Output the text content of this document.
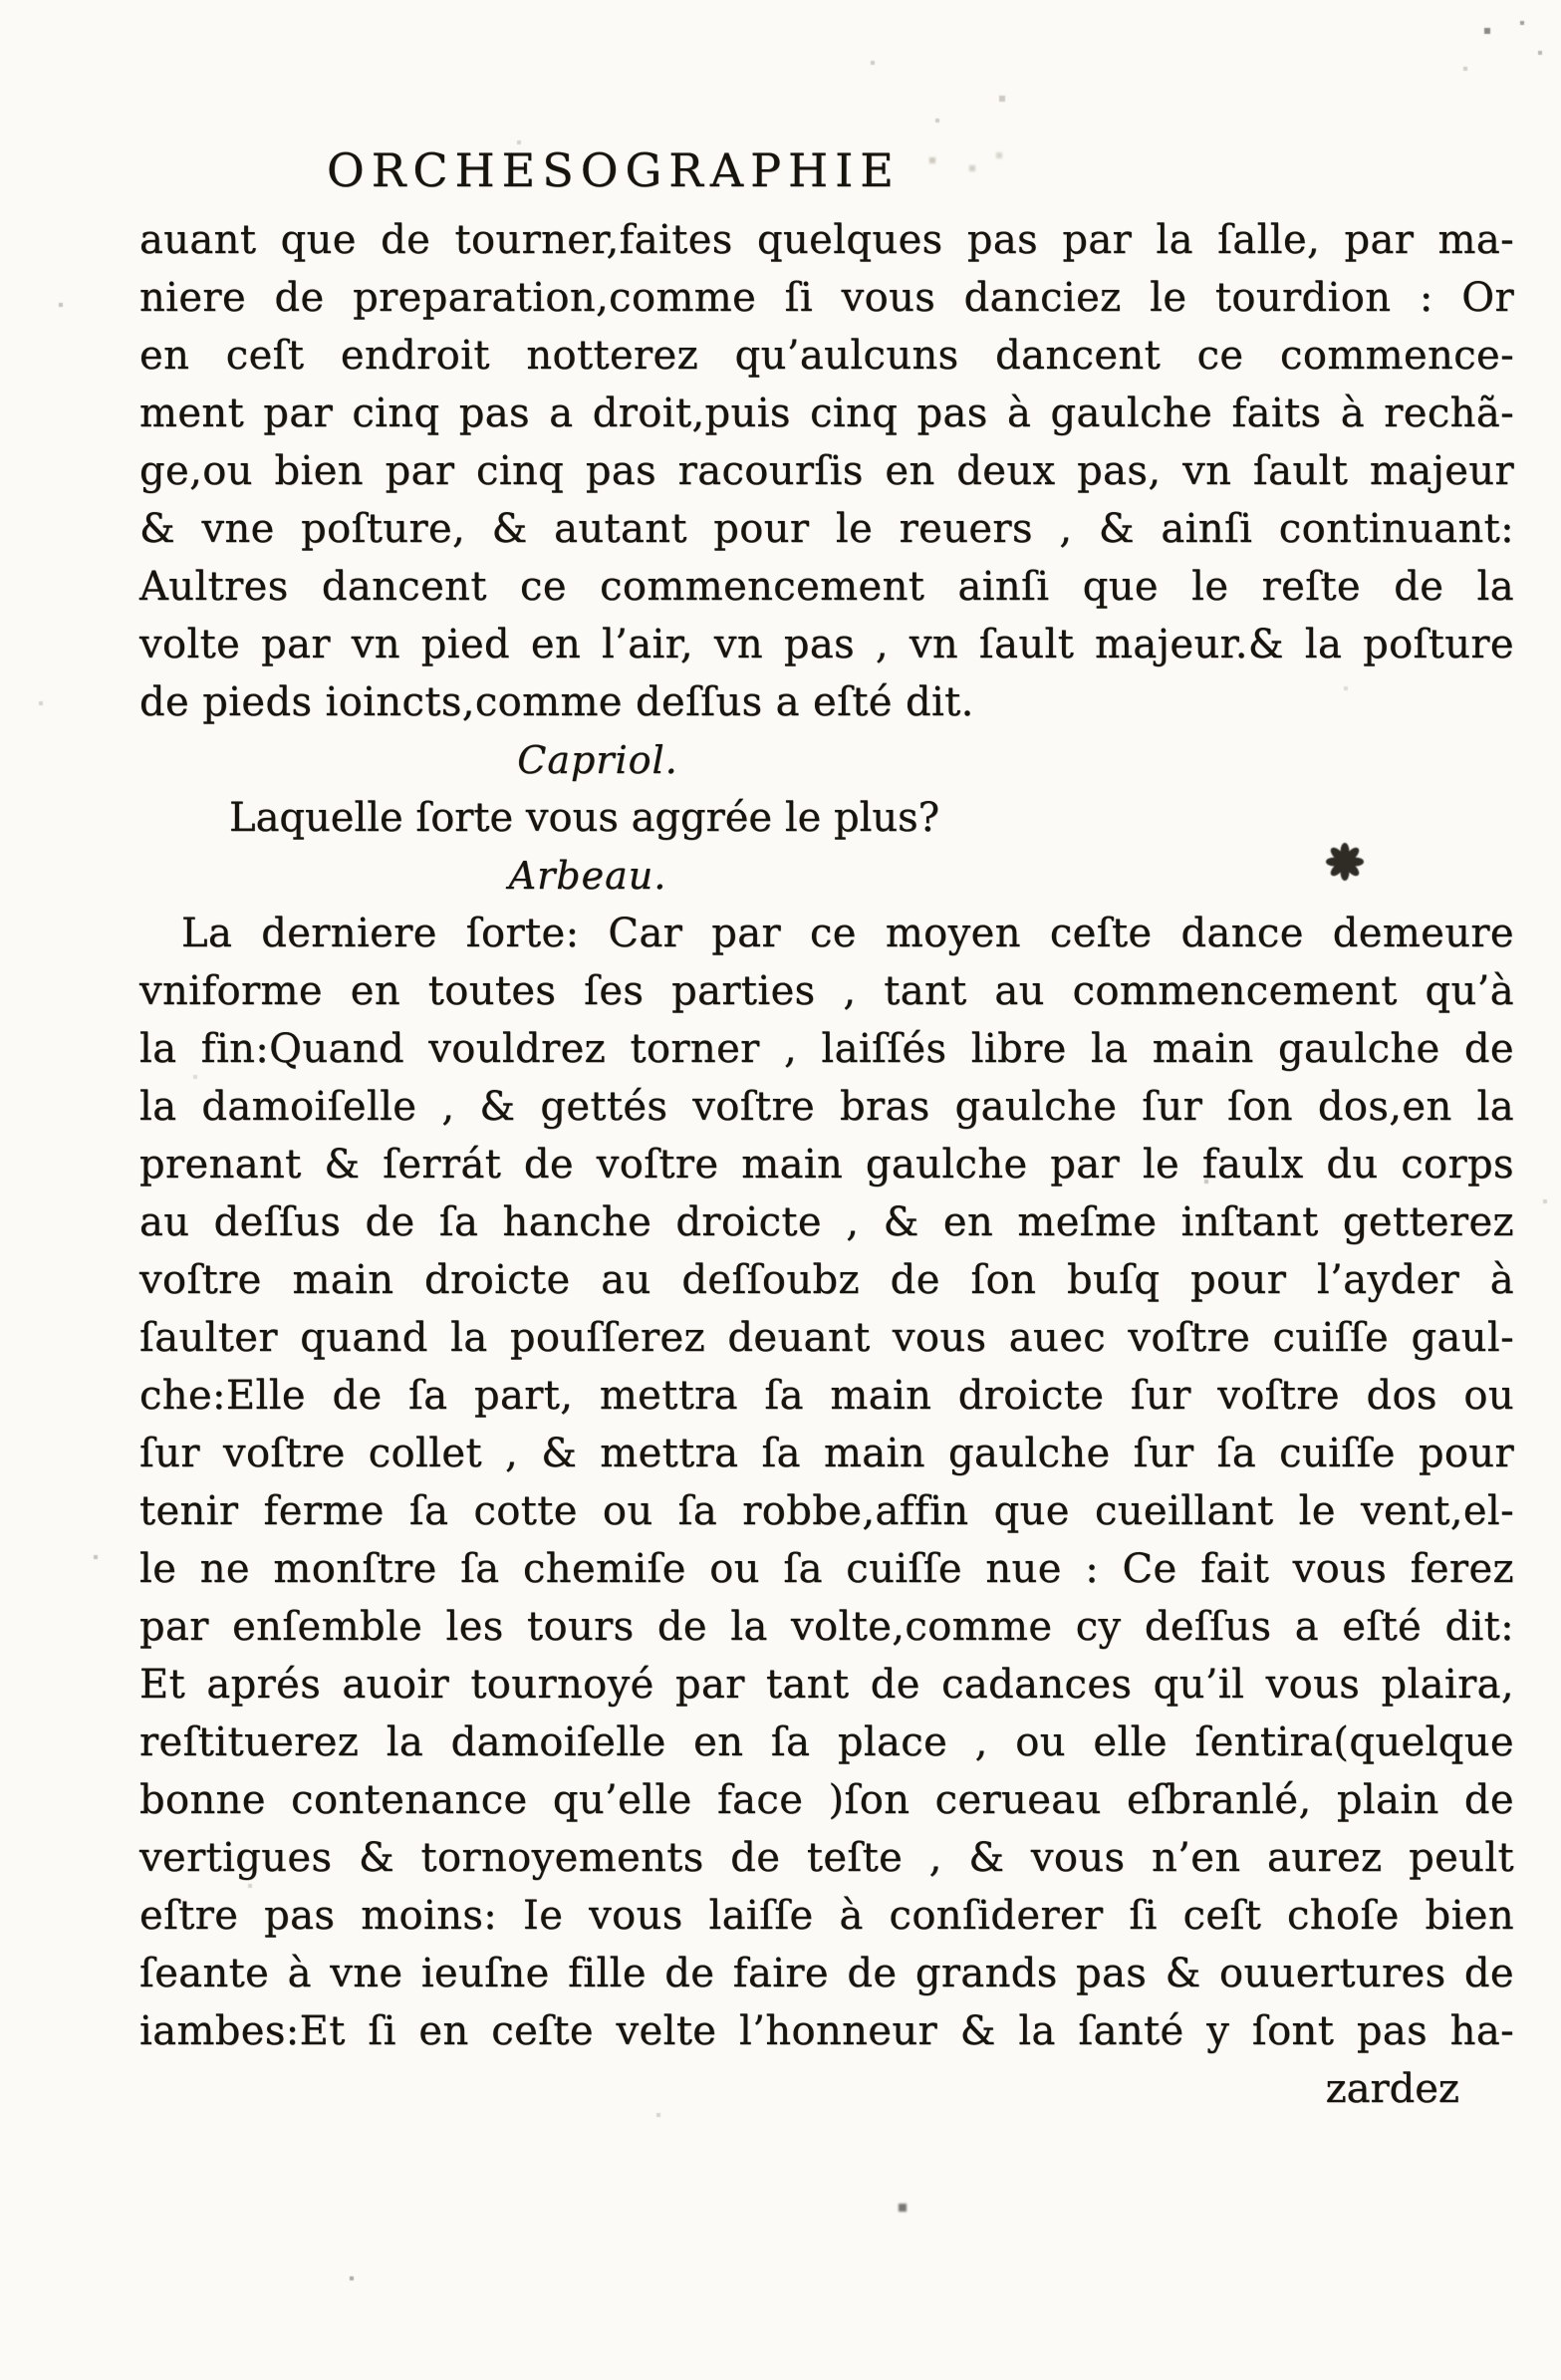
ORCHESOGRAPHIE
auant que de tourner,faites quelques pas par la ſalle, par ma-
niere de preparation,comme ſi vous danciez le tourdion : Or
en ceſt endroit notterez qu’aulcuns dancent ce commence-
ment par cinq pas a droit,puis cinq pas à gaulche faits à rechã-
ge,ou bien par cinq pas racourſis en deux pas, vn ſault majeur
& vne poſture, & autant pour le reuers , & ainſi continuant:
Aultres dancent ce commencement ainſi que le reſte de la
volte par vn pied en l’air, vn pas , vn ſault majeur.& la poſture
de pieds ioincts,comme deſſus a eſté dit.
Capriol.
Laquelle ſorte vous aggrée le plus?
Arbeau.
La derniere ſorte: Car par ce moyen ceſte dance demeure
vniforme en toutes ſes parties , tant au commencement qu’à
la fin:Quand vouldrez torner , laiſſés libre la main gaulche de
la damoiſelle , & gettés voſtre bras gaulche ſur ſon dos,en la
prenant & ſerrát de voſtre main gaulche par le faulx du corps
au deſſus de ſa hanche droicte , & en meſme inſtant getterez
voſtre main droicte au deſſoubz de ſon buſq pour l’ayder à
ſaulter quand la pouſſerez deuant vous auec voſtre cuiſſe gaul-
che:Elle de ſa part, mettra ſa main droicte ſur voſtre dos ou
ſur voſtre collet , & mettra ſa main gaulche ſur ſa cuiſſe pour
tenir ferme ſa cotte ou ſa robbe,affin que cueillant le vent,el-
le ne monſtre ſa chemiſe ou ſa cuiſſe nue : Ce fait vous ferez
par enſemble les tours de la volte,comme cy deſſus a eſté dit:
Et aprés auoir tournoyé par tant de cadances qu’il vous plaira,
reſtituerez la damoiſelle en ſa place , ou elle ſentira(quelque
bonne contenance qu’elle face )ſon cerueau eſbranlé, plain de
vertigues & tornoyements de teſte , & vous n’en aurez peult
eſtre pas moins: Ie vous laiſſe à conſiderer ſi ceſt choſe bien
ſeante à vne ieuſne fille de faire de grands pas & ouuertures de
iambes:Et ſi en ceſte velte l’honneur & la ſanté y ſont pas ha-
zardez
